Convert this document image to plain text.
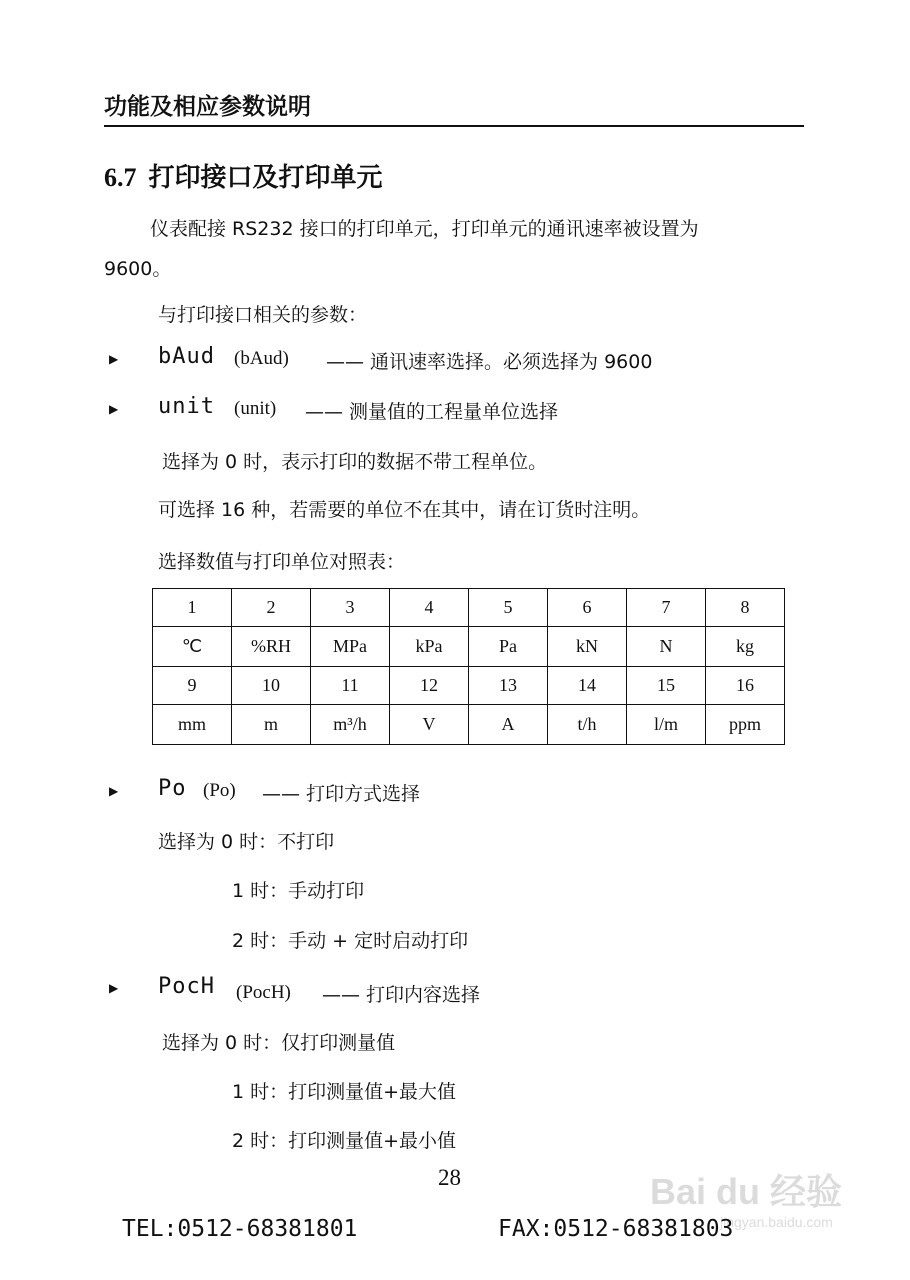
功能及相应参数说明
6.7 打印接口及打印单元
仪表配接 RS232 接口的打印单元，打印单元的通讯速率被设置为
9600。
与打印接口相关的参数：
▶ bAud (bAud) —— 通讯速率选择。必须选择为 9600
▶ unit (unit) —— 测量值的工程量单位选择
选择为 0 时，表示打印的数据不带工程单位。
可选择 16 种，若需要的单位不在其中，请在订货时注明。
选择数值与打印单位对照表：
1	2	3	4	5	6	7	8
℃	%RH	MPa	kPa	Pa	kN	N	kg
9	10	11	12	13	14	15	16
mm	m	m³/h	V	A	t/h	l/m	ppm
▶ Po (Po) —— 打印方式选择
选择为 0 时：不打印
1 时：手动打印
2 时：手动 + 定时启动打印
▶ PocH (PocH) —— 打印内容选择
选择为 0 时：仅打印测量值
1 时：打印测量值+最大值
2 时：打印测量值+最小值
28	Bai du 经验
jingyan.baidu.com
TEL:0512-68381801	FAX:0512-68381803
